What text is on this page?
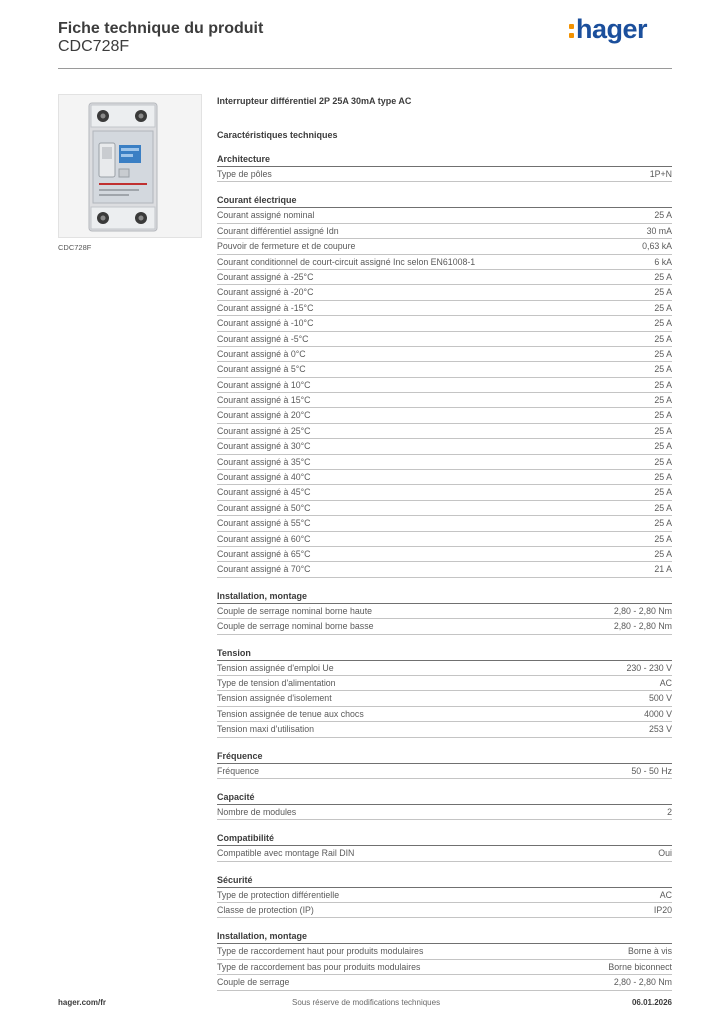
Fiche technique du produit
CDC728F
hager
CDC728F
Interrupteur différentiel 2P 25A 30mA type AC
Caractéristiques techniques
Architecture
Type de pôles	1P+N
Courant électrique
Courant assigné nominal	25 A
Courant différentiel assigné Idn	30 mA
Pouvoir de fermeture et de coupure	0,63 kA
Courant conditionnel de court-circuit assigné Inc selon EN61008-1	6 kA
Courant assigné à -25°C	25 A
Courant assigné à -20°C	25 A
Courant assigné à -15°C	25 A
Courant assigné à -10°C	25 A
Courant assigné à -5°C	25 A
Courant assigné à 0°C	25 A
Courant assigné à 5°C	25 A
Courant assigné à 10°C	25 A
Courant assigné à 15°C	25 A
Courant assigné à 20°C	25 A
Courant assigné à 25°C	25 A
Courant assigné à 30°C	25 A
Courant assigné à 35°C	25 A
Courant assigné à 40°C	25 A
Courant assigné à 45°C	25 A
Courant assigné à 50°C	25 A
Courant assigné à 55°C	25 A
Courant assigné à 60°C	25 A
Courant assigné à 65°C	25 A
Courant assigné à 70°C	21 A
Installation, montage
Couple de serrage nominal borne haute	2,80 - 2,80 Nm
Couple de serrage nominal borne basse	2,80 - 2,80 Nm
Tension
Tension assignée d'emploi Ue	230 - 230 V
Type de tension d'alimentation	AC
Tension assignée d'isolement	500 V
Tension assignée de tenue aux chocs	4000 V
Tension maxi d'utilisation	253 V
Fréquence
Fréquence	50 - 50 Hz
Capacité
Nombre de modules	2
Compatibilité
Compatible avec montage Rail DIN	Oui
Sécurité
Type de protection différentielle	AC
Classe de protection (IP)	IP20
Installation, montage
Type de raccordement haut pour produits modulaires	Borne à vis
Type de raccordement bas pour produits modulaires	Borne biconnect
Couple de serrage	2,80 - 2,80 Nm
hager.com/fr	Sous réserve de modifications techniques	06.01.2026
